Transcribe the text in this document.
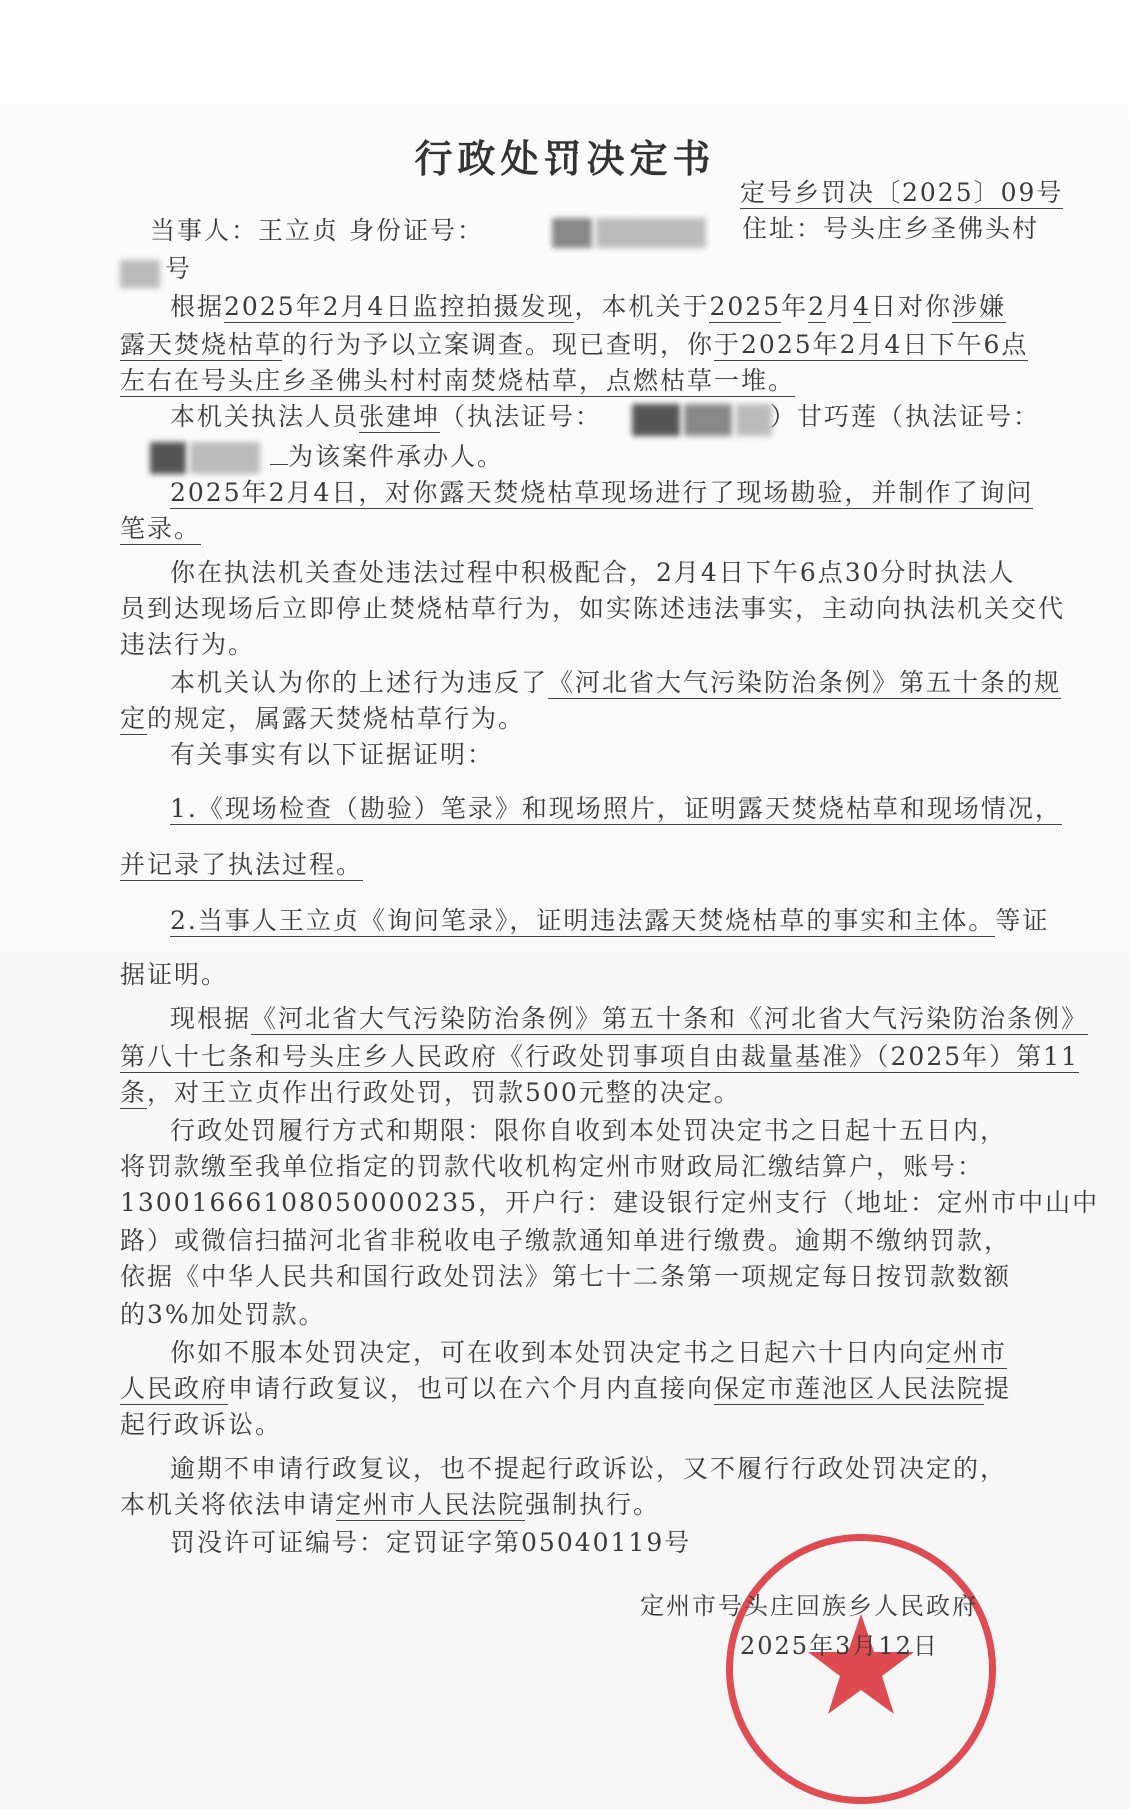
行政处罚决定书
定号乡罚决〔2025〕09号
当事人：王立贞 身份证号：	住址：号头庄乡圣佛头村
号
根据2025年2月4日监控拍摄发现，本机关于2025年2月4日对你涉嫌
露天焚烧枯草的行为予以立案调查。现已查明，你于2025年2月4日下午6点
左右在号头庄乡圣佛头村村南焚烧枯草，点燃枯草一堆。
本机关执法人员张建坤（执法证号：	）甘巧莲（执法证号：
为该案件承办人。
2025年2月4日，对你露天焚烧枯草现场进行了现场勘验，并制作了询问
笔录。
你在执法机关查处违法过程中积极配合，2月4日下午6点30分时执法人
员到达现场后立即停止焚烧枯草行为，如实陈述违法事实，主动向执法机关交代
违法行为。
本机关认为你的上述行为违反了《河北省大气污染防治条例》第五十条的规
定的规定，属露天焚烧枯草行为。
有关事实有以下证据证明：
1.《现场检查（勘验）笔录》和现场照片，证明露天焚烧枯草和现场情况，
并记录了执法过程。
2.当事人王立贞《询问笔录》，证明违法露天焚烧枯草的事实和主体。等证
据证明。
现根据《河北省大气污染防治条例》第五十条和《河北省大气污染防治条例》
第八十七条和号头庄乡人民政府《行政处罚事项自由裁量基准》（2025年）第11
条，对王立贞作出行政处罚，罚款500元整的决定。
行政处罚履行方式和期限：限你自收到本处罚决定书之日起十五日内，
将罚款缴至我单位指定的罚款代收机构定州市财政局汇缴结算户，账号：
13001666108050000235，开户行：建设银行定州支行（地址：定州市中山中
路）或微信扫描河北省非税收电子缴款通知单进行缴费。逾期不缴纳罚款，
依据《中华人民共和国行政处罚法》第七十二条第一项规定每日按罚款数额
的3%加处罚款。
你如不服本处罚决定，可在收到本处罚决定书之日起六十日内向定州市
人民政府申请行政复议，也可以在六个月内直接向保定市莲池区人民法院提
起行政诉讼。
逾期不申请行政复议，也不提起行政诉讼，又不履行行政处罚决定的，
本机关将依法申请定州市人民法院强制执行。
罚没许可证编号：定罚证字第05040119号
定州市号头庄回族乡人民政府
2025年3月12日
